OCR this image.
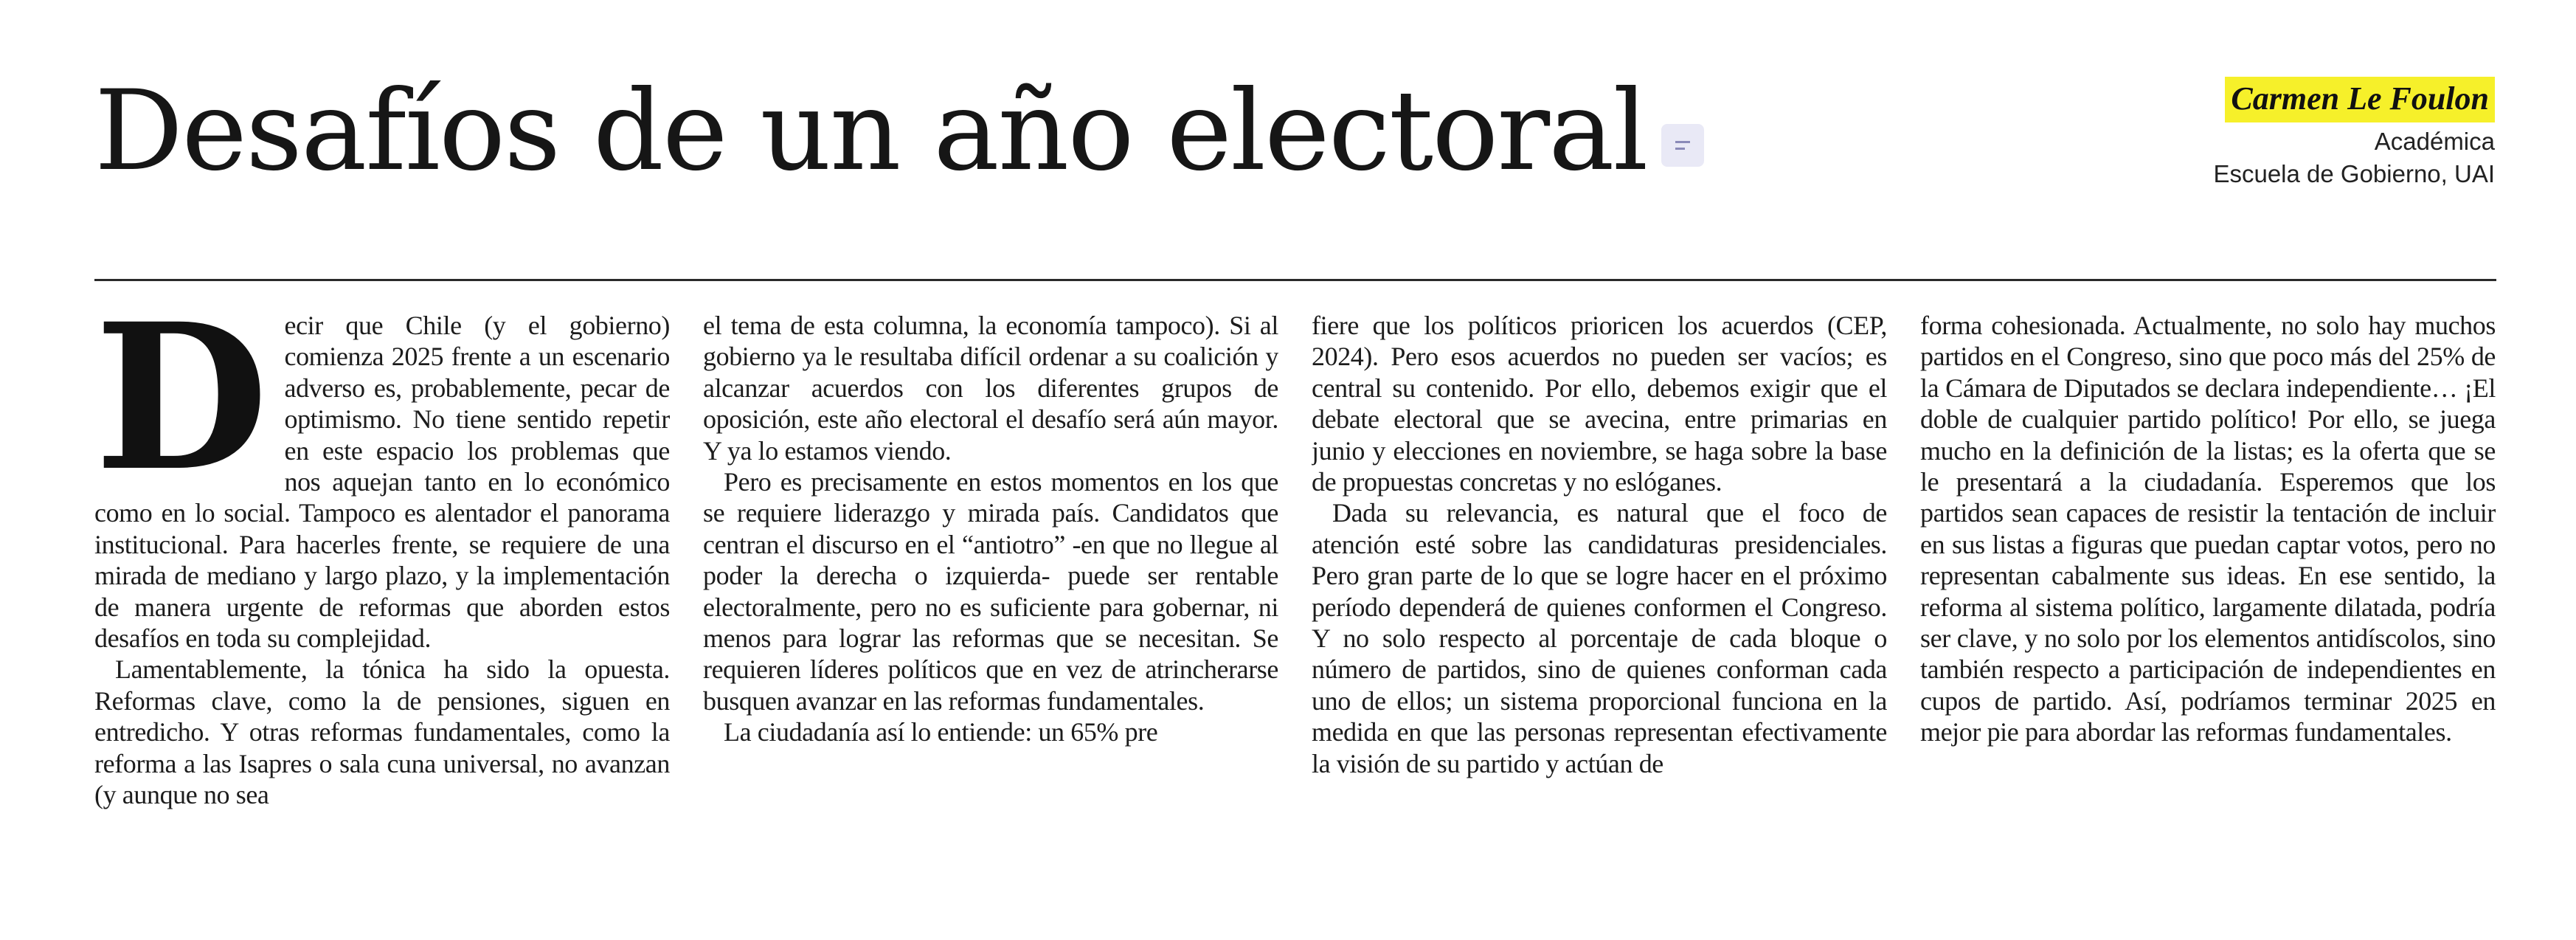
Desafíos de un año electoral	Carmen Le Foulon
Académica
Escuela de Gobierno, UAI

Decir que Chile (y el gobierno) comienza 2025 frente a un escenario adverso es, probablemente, pecar de optimismo. No tiene sentido repetir en este espacio los problemas que nos aquejan tanto en lo económico como en lo social. Tampoco es alentador el panorama institucional. Para hacerles frente, se requiere de una mirada de mediano y largo plazo, y la implementación de manera urgente de reformas que aborden estos desafíos en toda su complejidad.

Lamentablemente, la tónica ha sido la opuesta. Reformas clave, como la de pensiones, siguen en entredicho. Y otras reformas fundamentales, como la reforma a las Isapres o sala cuna universal, no avanzan (y aunque no sea

el tema de esta columna, la economía tampoco). Si al gobierno ya le resultaba difícil ordenar a su coalición y alcanzar acuerdos con los diferentes grupos de oposición, este año electoral el desafío será aún mayor. Y ya lo estamos viendo.

Pero es precisamente en estos momentos en los que se requiere liderazgo y mirada país. Candidatos que centran el discurso en el “antiotro” -en que no llegue al poder la derecha o izquierda- puede ser rentable electoralmente, pero no es suficiente para gobernar, ni menos para lograr las reformas que se necesitan. Se requieren líderes políticos que en vez de atrincherarse busquen avanzar en las reformas fundamentales.

La ciudadanía así lo entiende: un 65% pre

fiere que los políticos prioricen los acuerdos (CEP, 2024). Pero esos acuerdos no pueden ser vacíos; es central su contenido. Por ello, debemos exigir que el debate electoral que se avecina, entre primarias en junio y elecciones en noviembre, se haga sobre la base de propuestas concretas y no eslóganes.

Dada su relevancia, es natural que el foco de atención esté sobre las candidaturas presidenciales. Pero gran parte de lo que se logre hacer en el próximo período dependerá de quienes conformen el Congreso. Y no solo respecto al porcentaje de cada bloque o número de partidos, sino de quienes conforman cada uno de ellos; un sistema proporcional funciona en la medida en que las personas representan efectivamente la visión de su partido y actúan de

forma cohesionada. Actualmente, no solo hay muchos partidos en el Congreso, sino que poco más del 25% de la Cámara de Diputados se declara independiente… ¡El doble de cualquier partido político! Por ello, se juega mucho en la definición de la listas; es la oferta que se le presentará a la ciudadanía. Esperemos que los partidos sean capaces de resistir la tentación de incluir en sus listas a figuras que puedan captar votos, pero no representan cabalmente sus ideas. En ese sentido, la reforma al sistema político, largamente dilatada, podría ser clave, y no solo por los elementos antidíscolos, sino también respecto a participación de independientes en cupos de partido. Así, podríamos terminar 2025 en mejor pie para abordar las reformas fundamentales.
